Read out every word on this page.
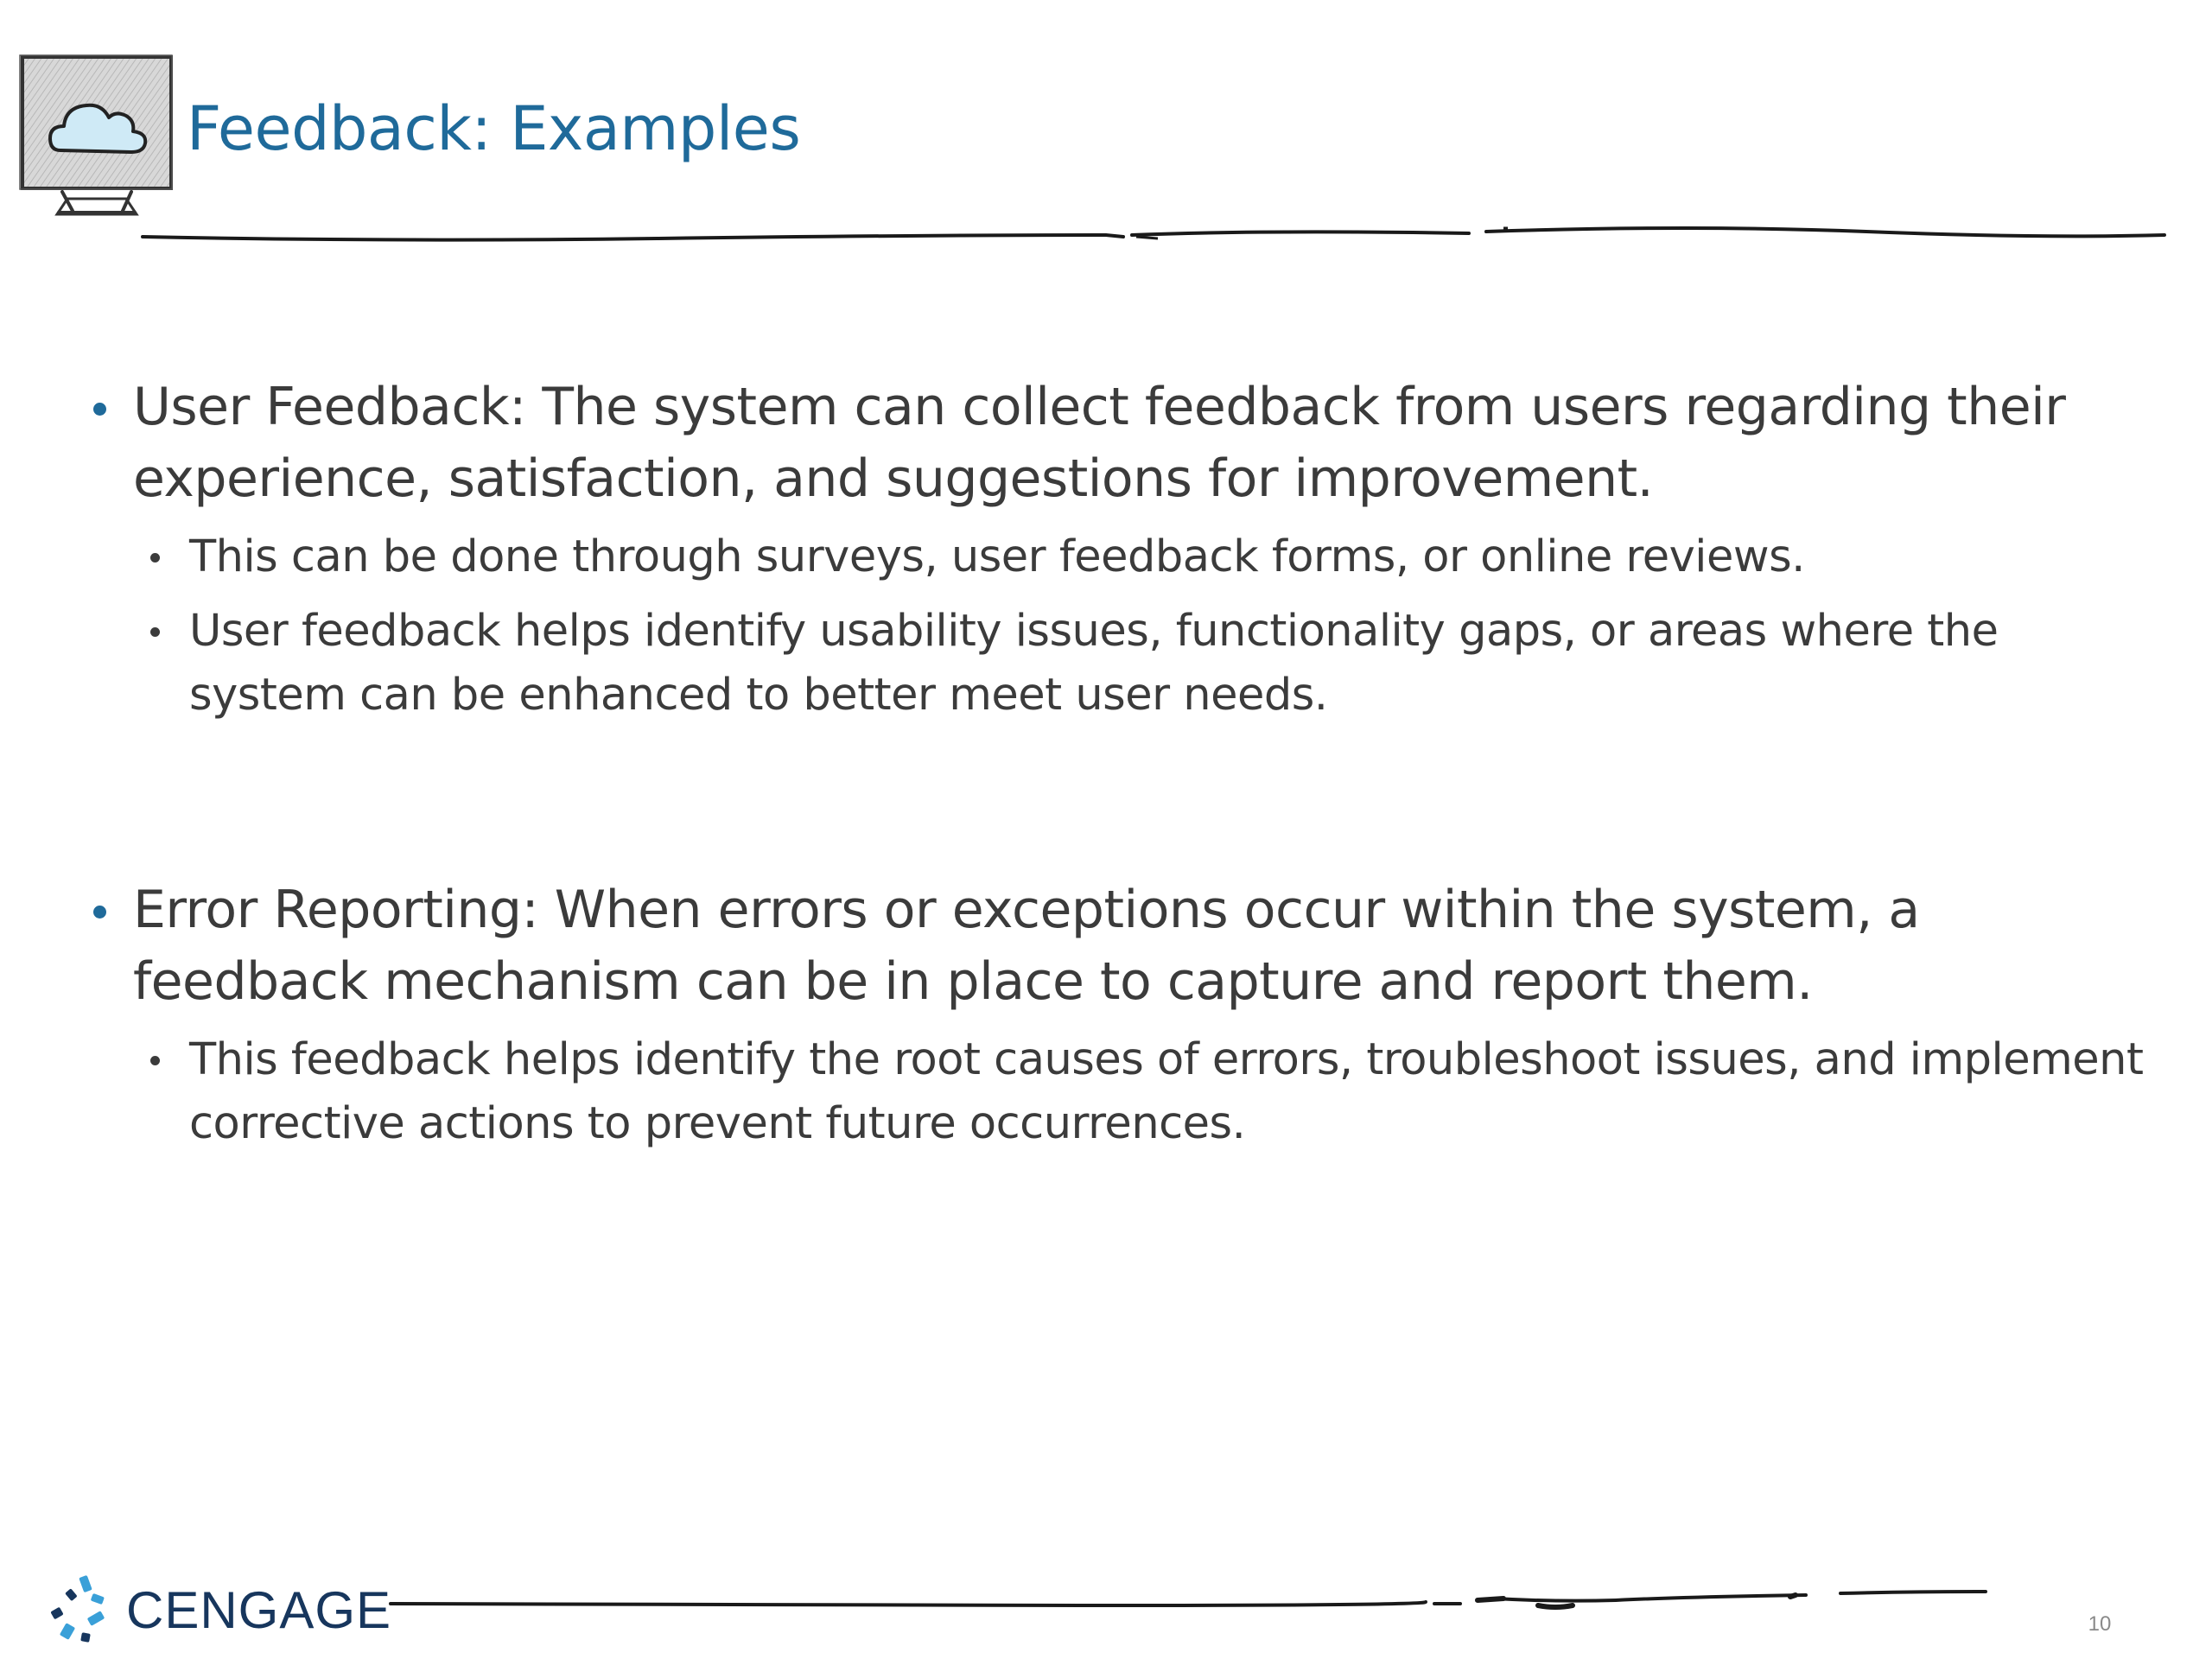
Feedback: Examples
User Feedback: The system can collect feedback from users regarding their experience, satisfaction, and suggestions for improvement.
This can be done through surveys, user feedback forms, or online reviews.
User feedback helps identify usability issues, functionality gaps, or areas where the system can be enhanced to better meet user needs.
Error Reporting: When errors or exceptions occur within the system, a feedback mechanism can be in place to capture and report them.
This feedback helps identify the root causes of errors, troubleshoot issues, and implement corrective actions to prevent future occurrences.
CENGAGE	10
